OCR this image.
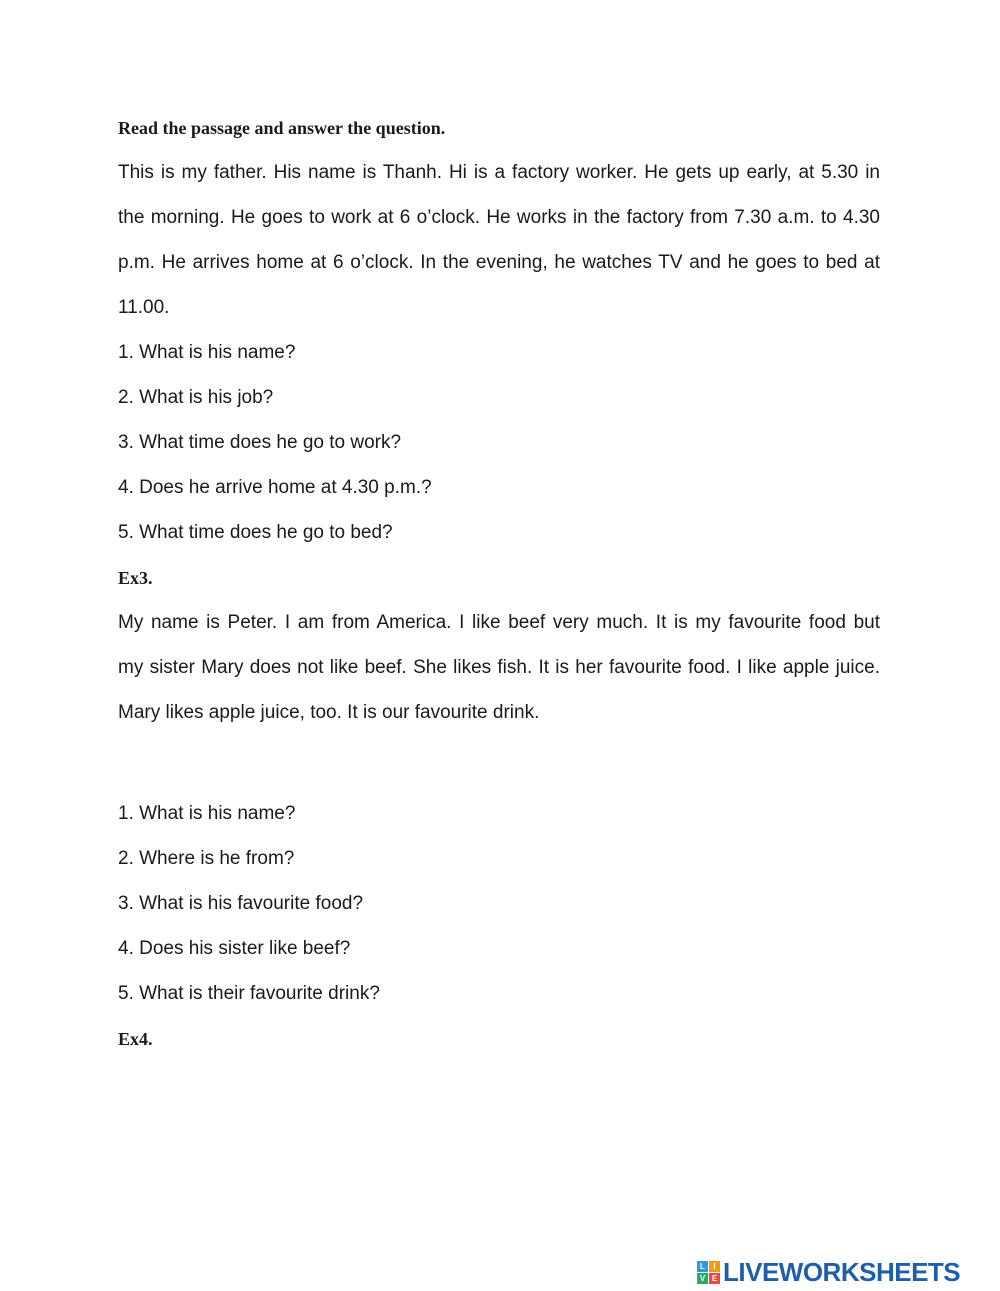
Read the passage and answer the question.
This is my father. His name is Thanh. Hi is a factory worker. He gets up early, at 5.30 in
the morning. He goes to work at 6 o’clock. He works in the factory from 7.30 a.m. to 4.30
p.m. He arrives home at 6 o’clock. In the evening, he watches TV and he goes to bed at
11.00.
1. What is his name?
2. What is his job?
3. What time does he go to work?
4. Does he arrive home at 4.30 p.m.?
5. What time does he go to bed?
Ex3.
My name is Peter. I am from America. I like beef very much. It is my favourite food but
my sister Mary does not like beef. She likes fish. It is her favourite food. I like apple juice.
Mary likes apple juice, too. It is our favourite drink.
1. What is his name?
2. Where is he from?
3. What is his favourite food?
4. Does his sister like beef?
5. What is their favourite drink?
Ex4.
L	I
V E LIVEWORKSHEETS
